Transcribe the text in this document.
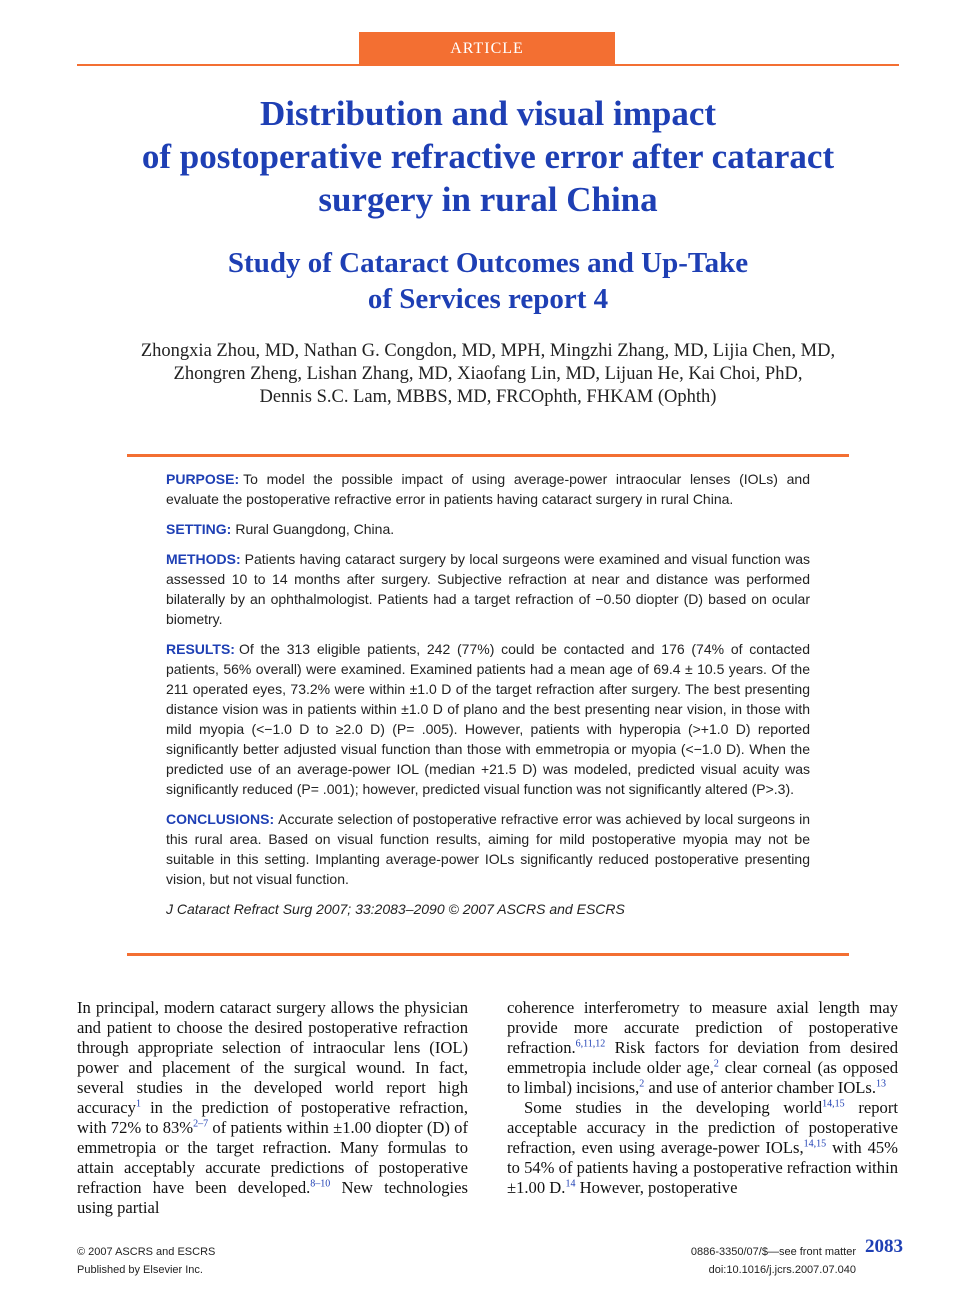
ARTICLE
Distribution and visual impact
of postoperative refractive error after cataract
surgery in rural China
Study of Cataract Outcomes and Up-Take
of Services report 4
Zhongxia Zhou, MD, Nathan G. Congdon, MD, MPH, Mingzhi Zhang, MD, Lijia Chen, MD,
Zhongren Zheng, Lishan Zhang, MD, Xiaofang Lin, MD, Lijuan He, Kai Choi, PhD,
Dennis S.C. Lam, MBBS, MD, FRCOphth, FHKAM (Ophth)

PURPOSE: To model the possible impact of using average-power intraocular lenses (IOLs) and evaluate the postoperative refractive error in patients having cataract surgery in rural China.

SETTING: Rural Guangdong, China.

METHODS: Patients having cataract surgery by local surgeons were examined and visual function was assessed 10 to 14 months after surgery. Subjective refraction at near and distance was performed bilaterally by an ophthalmologist. Patients had a target refraction of −0.50 diopter (D) based on ocular biometry.

RESULTS: Of the 313 eligible patients, 242 (77%) could be contacted and 176 (74% of contacted patients, 56% overall) were examined. Examined patients had a mean age of 69.4 ± 10.5 years. Of the 211 operated eyes, 73.2% were within ±1.0 D of the target refraction after surgery. The best presenting distance vision was in patients within ±1.0 D of plano and the best presenting near vision, in those with mild myopia (<−1.0 D to ≥2.0 D) (P= .005). However, patients with hyperopia (>+1.0 D) reported significantly better adjusted visual function than those with emmetropia or myopia (<−1.0 D). When the predicted use of an average-power IOL (median +21.5 D) was modeled, predicted visual acuity was significantly reduced (P= .001); however, predicted visual function was not significantly altered (P>.3).

CONCLUSIONS: Accurate selection of postoperative refractive error was achieved by local surgeons in this rural area. Based on visual function results, aiming for mild postoperative myopia may not be suitable in this setting. Implanting average-power IOLs significantly reduced postoperative presenting vision, but not visual function.

J Cataract Refract Surg 2007; 33:2083–2090 © 2007 ASCRS and ESCRS

In principal, modern cataract surgery allows the physician and patient to choose the desired postoperative refraction through appropriate selection of intraocular lens (IOL) power and placement of the surgical wound. In fact, several studies in the developed world report high accuracy$^1$ in the prediction of postoperative refraction, with 72% to 83%$^{2-7}$ of patients within ±1.00 diopter (D) of emmetropia or the target refraction. Many formulas to attain acceptably accurate predictions of postoperative refraction have been developed.$^{8-10}$ New technologies using partial

coherence interferometry to measure axial length may provide more accurate prediction of postoperative refraction.$^{6,11,12}$ Risk factors for deviation from desired emmetropia include older age,$^2$ clear corneal (as opposed to limbal) incisions,$^2$ and use of anterior chamber IOLs.$^{13}$

Some studies in the developing world$^{14,15}$ report acceptable accuracy in the prediction of postoperative refraction, even using average-power IOLs,$^{14,15}$ with 45% to 54% of patients having a postoperative refraction within ±1.00 D.$^{14}$ However, postoperative

© 2007 ASCRS and ESCRS
Published by Elsevier Inc.
0886-3350/07/$—see front matter
doi:10.1016/j.jcrs.2007.07.040
2083
